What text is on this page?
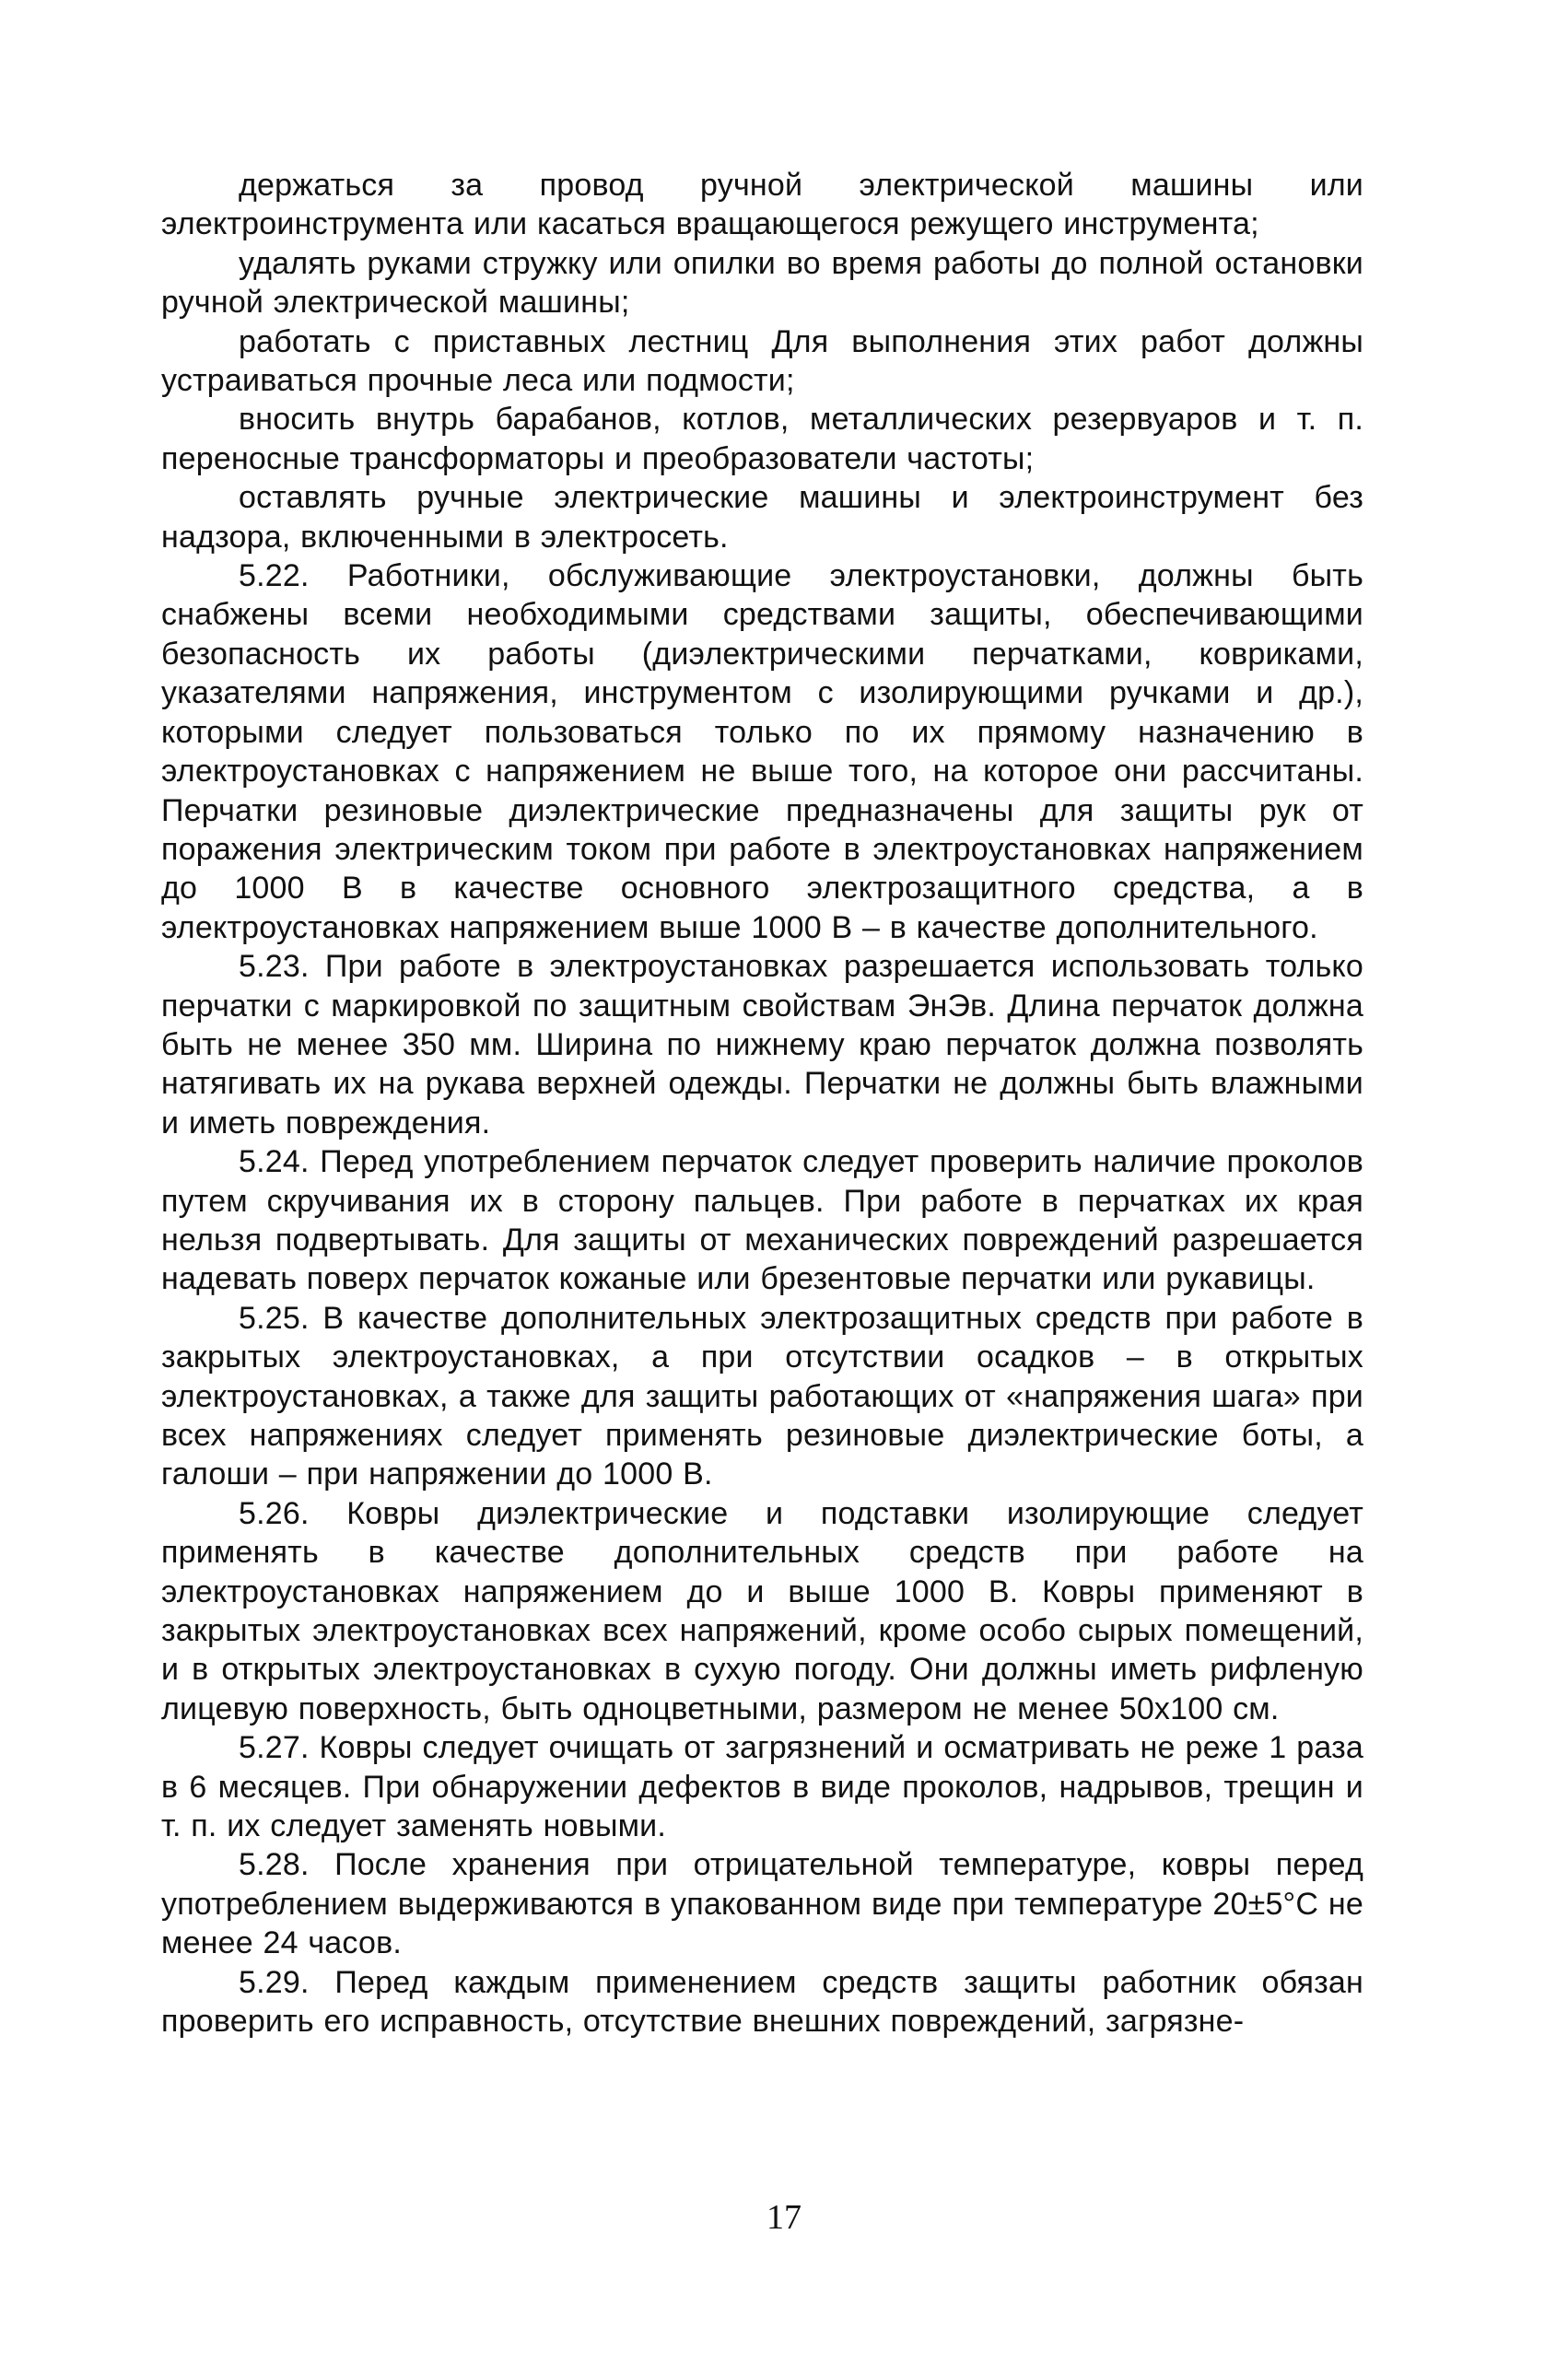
держаться за провод ручной электрической машины или электроинструмента или касаться вращающегося режущего инструмента;

удалять руками стружку или опилки во время работы до полной остановки ручной электрической машины;

работать с приставных лестниц Для выполнения этих работ должны устраиваться прочные леса или подмости;

вносить внутрь барабанов, котлов, металлических резервуаров и т. п. переносные трансформаторы и преобразователи частоты;

оставлять ручные электрические машины и электроинструмент без надзора, включенными в электросеть.

5.22. Работники, обслуживающие электроустановки, должны быть снабжены всеми необходимыми средствами защиты, обеспечивающими безопасность их работы (диэлектрическими перчатками, ковриками, указателями напряжения, инструментом с изолирующими ручками и др.), которыми следует пользоваться только по их прямому назначению в электроустановках с напряжением не выше того, на которое они рассчитаны. Перчатки резиновые диэлектрические предназначены для защиты рук от поражения электрическим током при работе в электроустановках напряжением до 1000 В в качестве основного электрозащитного средства, а в электроустановках напряжением выше 1000 В – в качестве дополнительного.

5.23. При работе в электроустановках разрешается использовать только перчатки с маркировкой по защитным свойствам ЭнЭв. Длина перчаток должна быть не менее 350 мм. Ширина по нижнему краю перчаток должна позволять натягивать их на рукава верхней одежды. Перчатки не должны быть влажными и иметь повреждения.

5.24. Перед употреблением перчаток следует проверить наличие проколов путем скручивания их в сторону пальцев. При работе в перчатках их края нельзя подвертывать. Для защиты от механических повреждений разрешается надевать поверх перчаток кожаные или брезентовые перчатки или рукавицы.

5.25. В качестве дополнительных электрозащитных средств при работе в закрытых электроустановках, а при отсутствии осадков – в открытых электроустановках, а также для защиты работающих от «напряжения шага» при всех напряжениях следует применять резиновые диэлектрические боты, а галоши – при напряжении до 1000 В.

5.26. Ковры диэлектрические и подставки изолирующие следует применять в качестве дополнительных средств при работе на электроустановках напряжением до и выше 1000 В. Ковры применяют в закрытых электроустановках всех напряжений, кроме особо сырых помещений, и в открытых электроустановках в сухую погоду. Они должны иметь рифленую лицевую поверхность, быть одноцветными, размером не менее 50х100 см.

5.27. Ковры следует очищать от загрязнений и осматривать не реже 1 раза в 6 месяцев. При обнаружении дефектов в виде проколов, надрывов, трещин и т. п. их следует заменять новыми.

5.28. После хранения при отрицательной температуре, ковры перед употреблением выдерживаются в упакованном виде при температуре 20±5°С не менее 24 часов.

5.29. Перед каждым применением средств защиты работник обязан проверить его исправность, отсутствие внешних повреждений, загрязне-

17
